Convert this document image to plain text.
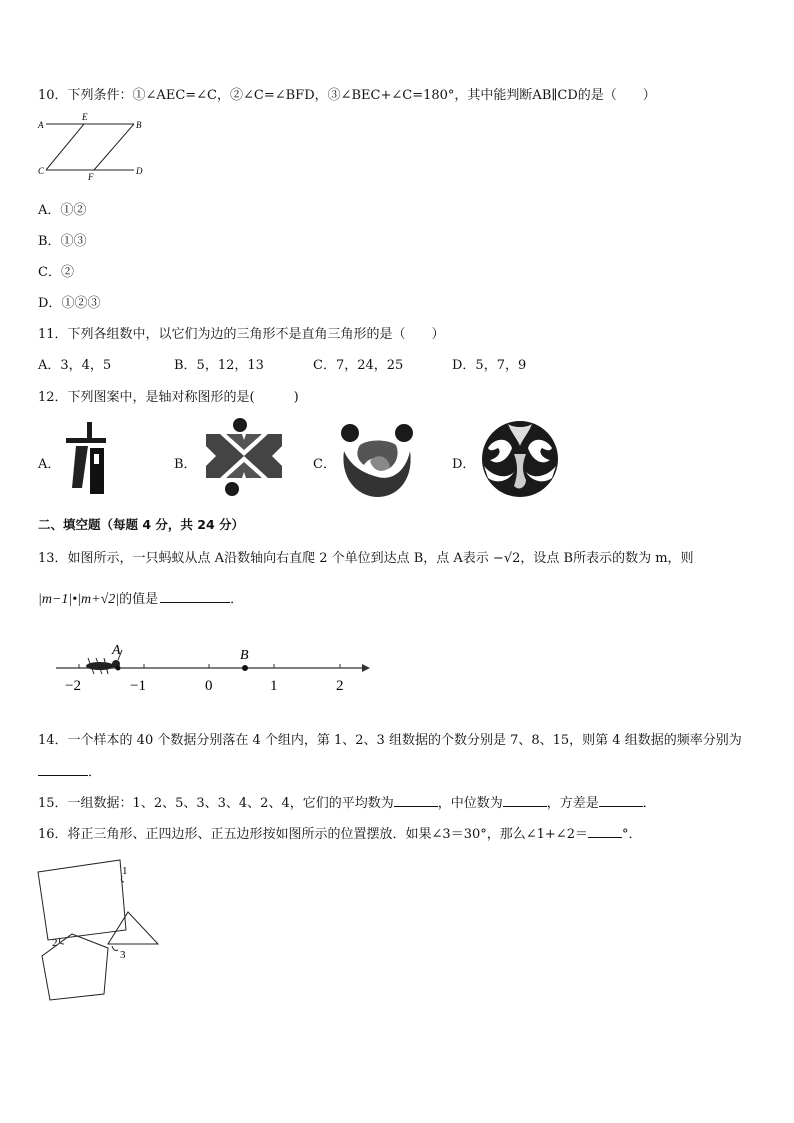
10．下列条件：①∠AEC=∠C，②∠C=∠BFD，③∠BEC+∠C=180°，其中能判断AB∥CD的是（　　）
A
E
B
C
F
D
A．①②
B．①③
C．②
D．①②③
11．下列各组数中，以它们为边的三角形不是直角三角形的是（　　）
A．3，4，5	B．5，12，13	C．7，24，25	D．5，7，9
12．下列图案中，是轴对称图形的是(　　　)
A．	B．	C．	D．
二、填空题（每题 4 分，共 24 分）
13．如图所示，一只蚂蚁从点 A沿数轴向右直爬 2 个单位到达点 B，点 A表示 −√2，设点 B所表示的数为 m，则
|m−1|•|m+√2|的值是	．
−2	−1	0	1	2
A	B
14．一个样本的 40 个数据分别落在 4 个组内，第 1、2、3 组数据的个数分别是 7、8、15，则第 4 组数据的频率分别为
．
15．一组数据：1、2、5、3、3、4、2、4，它们的平均数为	，中位数为	，方差是	．
16．将正三角形、正四边形、正五边形按如图所示的位置摆放．如果∠3＝30°，那么∠1+∠2＝	°．
1
2
3
